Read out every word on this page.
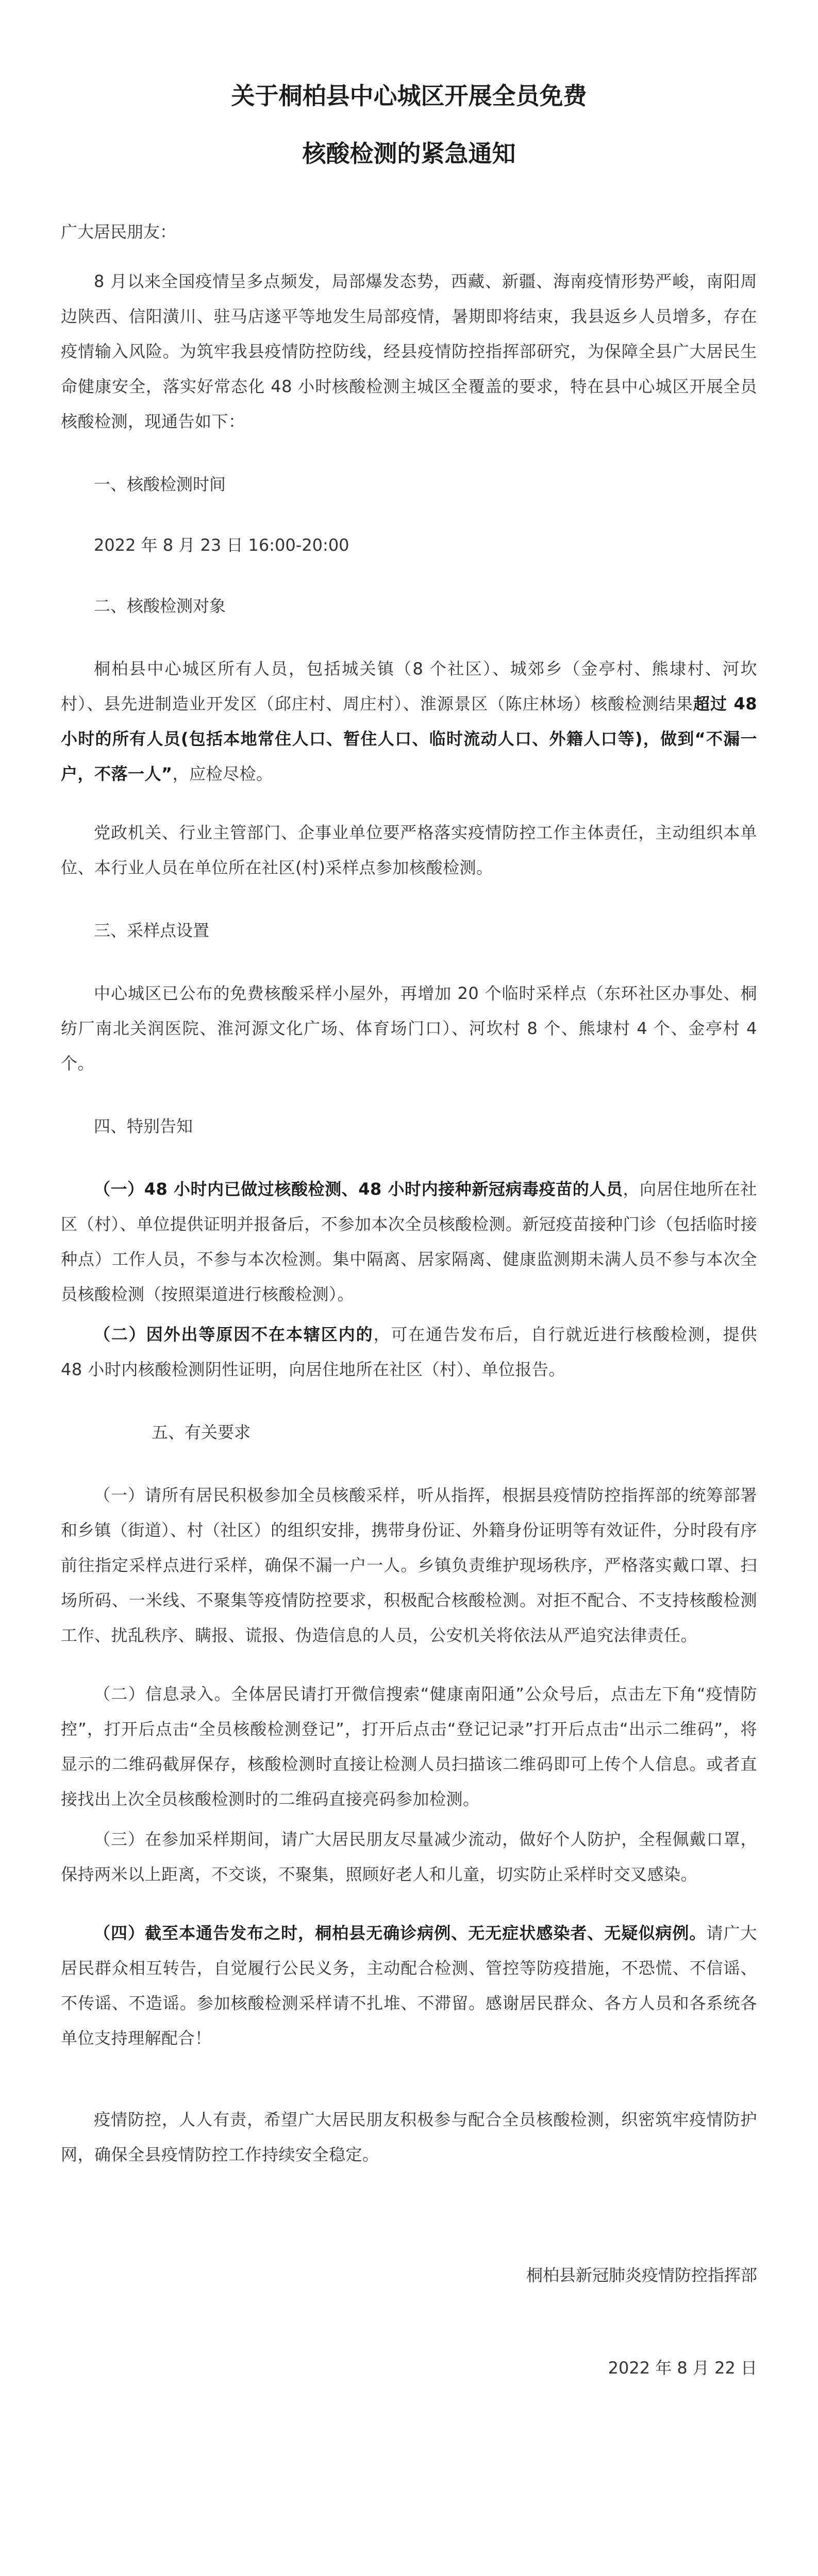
关于桐柏县中心城区开展全员免费
核酸检测的紧急通知
广大居民朋友：
8 月以来全国疫情呈多点频发，局部爆发态势，西藏、新疆、海南疫情形势严峻，南阳周边陕西、信阳潢川、驻马店遂平等地发生局部疫情，暑期即将结束，我县返乡人员增多，存在疫情输入风险。为筑牢我县疫情防控防线，经县疫情防控指挥部研究，为保障全县广大居民生命健康安全，落实好常态化 48 小时核酸检测主城区全覆盖的要求，特在县中心城区开展全员核酸检测，现通告如下：
一、核酸检测时间
2022 年 8 月 23 日 16:00-20:00
二、核酸检测对象
桐柏县中心城区所有人员，包括城关镇（8 个社区）、城郊乡（金亭村、熊埭村、河坎村）、县先进制造业开发区（邱庄村、周庄村）、淮源景区（陈庄林场）核酸检测结果超过 48 小时的所有人员(包括本地常住人口、暂住人口、临时流动人口、外籍人口等)，做到“不漏一户，不落一人”，应检尽检。
党政机关、行业主管部门、企事业单位要严格落实疫情防控工作主体责任，主动组织本单位、本行业人员在单位所在社区(村)采样点参加核酸检测。
三、采样点设置
中心城区已公布的免费核酸采样小屋外，再增加 20 个临时采样点（东环社区办事处、桐纺厂南北关润医院、淮河源文化广场、体育场门口）、河坎村 8 个、熊埭村 4 个、金亭村 4 个。
四、特别告知
（一）48 小时内已做过核酸检测、48 小时内接种新冠病毒疫苗的人员，向居住地所在社区（村）、单位提供证明并报备后，不参加本次全员核酸检测。新冠疫苗接种门诊（包括临时接种点）工作人员，不参与本次检测。集中隔离、居家隔离、健康监测期未满人员不参与本次全员核酸检测（按照渠道进行核酸检测）。
（二）因外出等原因不在本辖区内的，可在通告发布后，自行就近进行核酸检测，提供 48 小时内核酸检测阴性证明，向居住地所在社区（村）、单位报告。
五、有关要求
（一）请所有居民积极参加全员核酸采样，听从指挥，根据县疫情防控指挥部的统筹部署和乡镇（街道）、村（社区）的组织安排，携带身份证、外籍身份证明等有效证件，分时段有序前往指定采样点进行采样，确保不漏一户一人。乡镇负责维护现场秩序，严格落实戴口罩、扫场所码、一米线、不聚集等疫情防控要求，积极配合核酸检测。对拒不配合、不支持核酸检测工作、扰乱秩序、瞒报、谎报、伪造信息的人员，公安机关将依法从严追究法律责任。
（二）信息录入。全体居民请打开微信搜索“健康南阳通”公众号后，点击左下角“疫情防控”，打开后点击“全员核酸检测登记”，打开后点击“登记记录”打开后点击“出示二维码”，将显示的二维码截屏保存，核酸检测时直接让检测人员扫描该二维码即可上传个人信息。或者直接找出上次全员核酸检测时的二维码直接亮码参加检测。
（三）在参加采样期间，请广大居民朋友尽量减少流动，做好个人防护，全程佩戴口罩，保持两米以上距离，不交谈，不聚集，照顾好老人和儿童，切实防止采样时交叉感染。
（四）截至本通告发布之时，桐柏县无确诊病例、无无症状感染者、无疑似病例。请广大居民群众相互转告，自觉履行公民义务，主动配合检测、管控等防疫措施，不恐慌、不信谣、不传谣、不造谣。参加核酸检测采样请不扎堆、不滞留。感谢居民群众、各方人员和各系统各单位支持理解配合！
疫情防控，人人有责，希望广大居民朋友积极参与配合全员核酸检测，织密筑牢疫情防护网，确保全县疫情防控工作持续安全稳定。
桐柏县新冠肺炎疫情防控指挥部
2022 年 8 月 22 日
